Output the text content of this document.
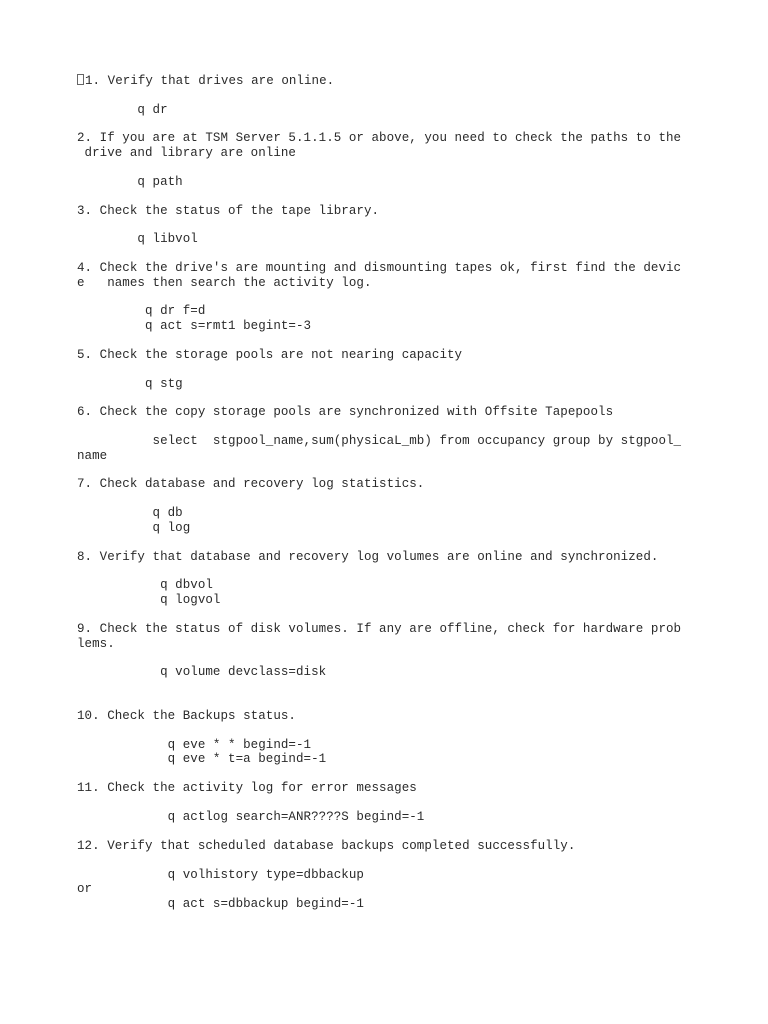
1. Verify that drives are online.
q dr
2. If you are at TSM Server 5.1.1.5 or above, you need to check the paths to the
drive and library are online
q path
3. Check the status of the tape library.
q libvol
4. Check the drive's are mounting and dismounting tapes ok, first find the devic
e   names then search the activity log.
q dr f=d
q act s=rmt1 begint=-3
5. Check the storage pools are not nearing capacity
q stg
6. Check the copy storage pools are synchronized with Offsite Tapepools
select  stgpool_name,sum(physicaL_mb) from occupancy group by stgpool_
name
7. Check database and recovery log statistics.
q db
q log
8. Verify that database and recovery log volumes are online and synchronized.
q dbvol
q logvol
9. Check the status of disk volumes. If any are offline, check for hardware prob
lems.
q volume devclass=disk
10. Check the Backups status.
q eve * * begind=-1
q eve * t=a begind=-1
11. Check the activity log for error messages
q actlog search=ANR????S begind=-1
12. Verify that scheduled database backups completed successfully.
q volhistory type=dbbackup
or
q act s=dbbackup begind=-1
